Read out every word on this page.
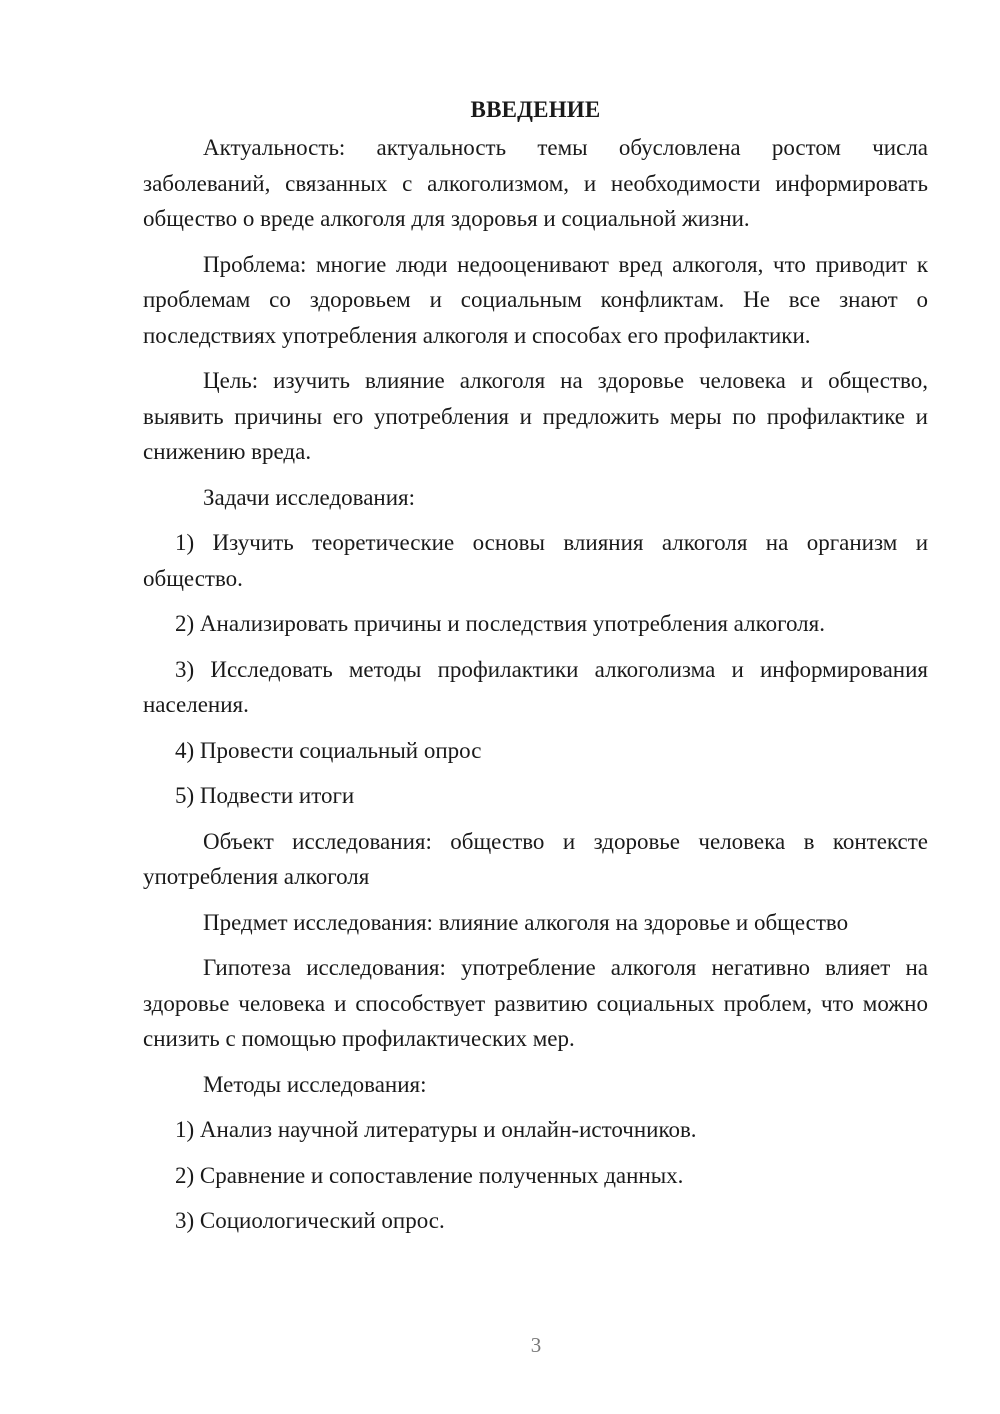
ВВЕДЕНИЕ

Актуальность: актуальность темы обусловлена ростом числа заболеваний, связанных с алкоголизмом, и необходимости информировать общество о вреде алкоголя для здоровья и социальной жизни.

Проблема: многие люди недооценивают вред алкоголя, что приводит к проблемам со здоровьем и социальным конфликтам. Не все знают о последствиях употребления алкоголя и способах его профилактики.

Цель: изучить влияние алкоголя на здоровье человека и общество, выявить причины его употребления и предложить меры по профилактике и снижению вреда.

Задачи исследования:

1) Изучить теоретические основы влияния алкоголя на организм и общество.

2) Анализировать причины и последствия употребления алкоголя.

3) Исследовать методы профилактики алкоголизма и информирования населения.

4) Провести социальный опрос

5) Подвести итоги

Объект исследования: общество и здоровье человека в контексте употребления алкоголя

Предмет исследования: влияние алкоголя на здоровье и общество

Гипотеза исследования: употребление алкоголя негативно влияет на здоровье человека и способствует развитию социальных проблем, что можно снизить с помощью профилактических мер.

Методы исследования:

1) Анализ научной литературы и онлайн-источников.

2) Сравнение и сопоставление полученных данных.

3) Социологический опрос.

3
